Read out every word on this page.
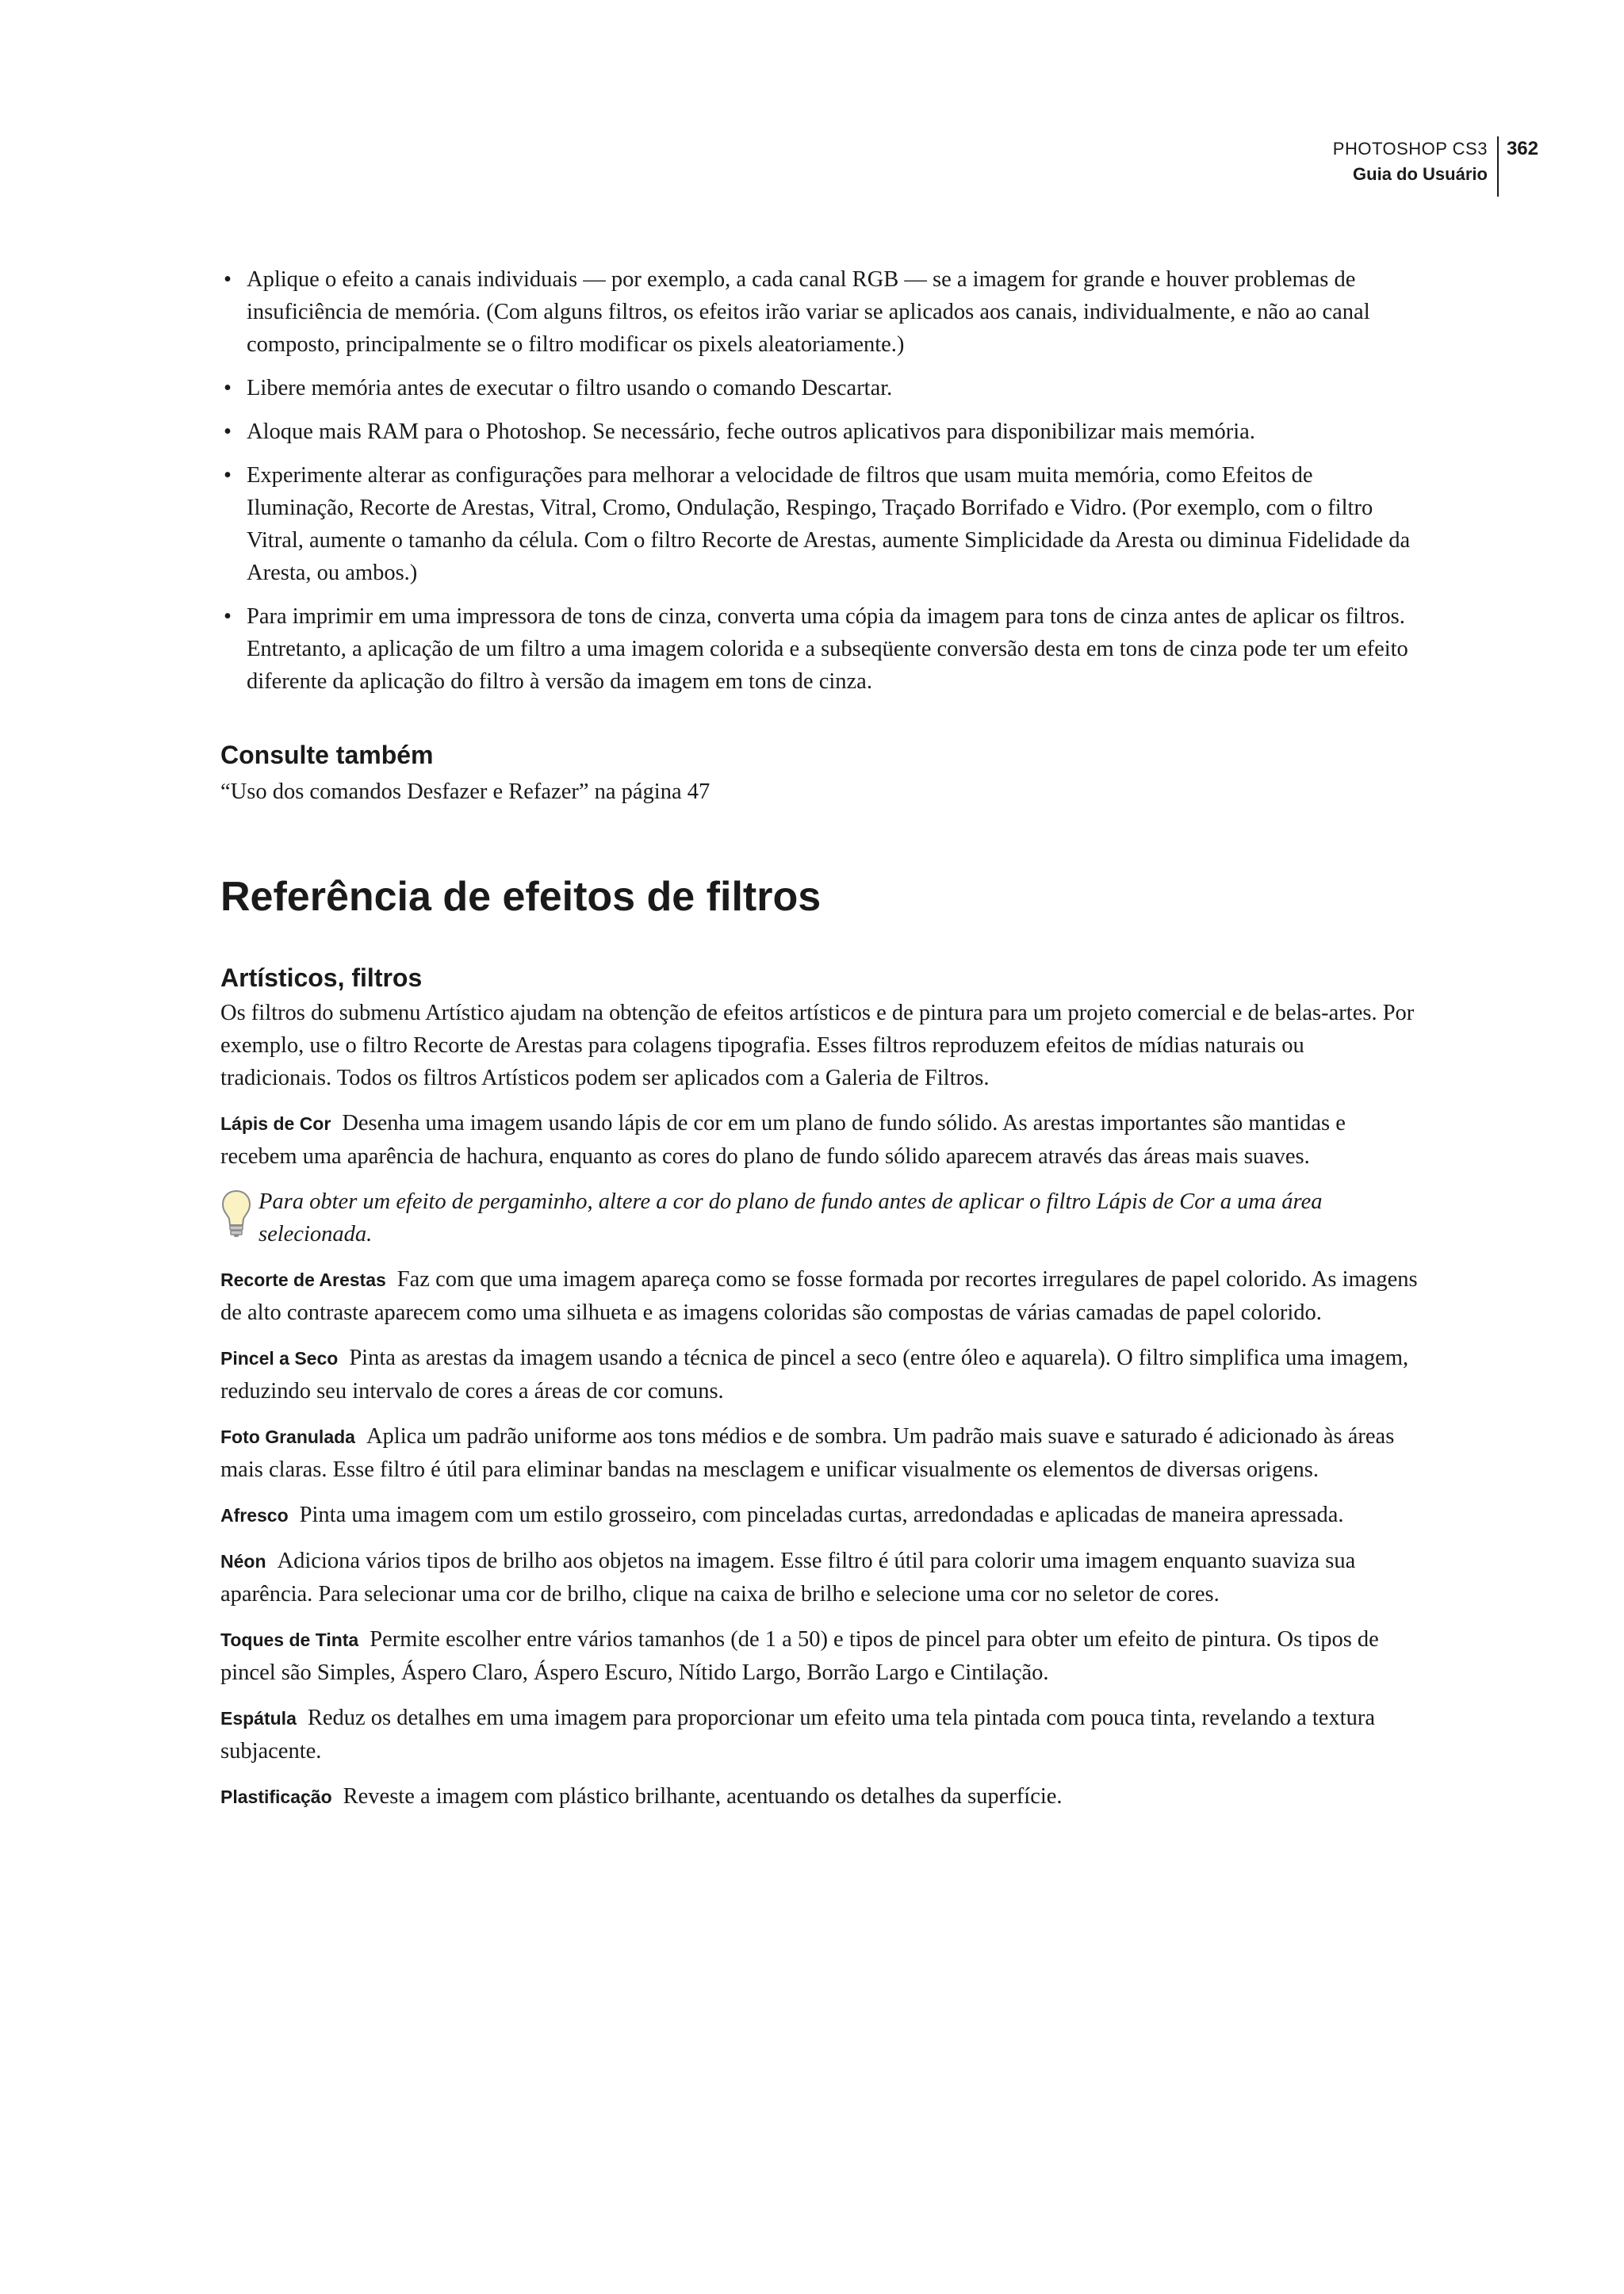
PHOTOSHOP CS3
Guia do Usuário
362
• Aplique o efeito a canais individuais — por exemplo, a cada canal RGB — se a imagem for grande e houver problemas de insuficiência de memória. (Com alguns filtros, os efeitos irão variar se aplicados aos canais, individualmente, e não ao canal composto, principalmente se o filtro modificar os pixels aleatoriamente.)
• Libere memória antes de executar o filtro usando o comando Descartar.
• Aloque mais RAM para o Photoshop. Se necessário, feche outros aplicativos para disponibilizar mais memória.
• Experimente alterar as configurações para melhorar a velocidade de filtros que usam muita memória, como Efeitos de Iluminação, Recorte de Arestas, Vitral, Cromo, Ondulação, Respingo, Traçado Borrifado e Vidro. (Por exemplo, com o filtro Vitral, aumente o tamanho da célula. Com o filtro Recorte de Arestas, aumente Simplicidade da Aresta ou diminua Fidelidade da Aresta, ou ambos.)
• Para imprimir em uma impressora de tons de cinza, converta uma cópia da imagem para tons de cinza antes de aplicar os filtros. Entretanto, a aplicação de um filtro a uma imagem colorida e a subseqüente conversão desta em tons de cinza pode ter um efeito diferente da aplicação do filtro à versão da imagem em tons de cinza.
Consulte também

“Uso dos comandos Desfazer e Refazer” na página 47

Referência de efeitos de filtros
Artísticos, filtros

Os filtros do submenu Artístico ajudam na obtenção de efeitos artísticos e de pintura para um projeto comercial e de belas-artes. Por exemplo, use o filtro Recorte de Arestas para colagens tipografia. Esses filtros reproduzem efeitos de mídias naturais ou tradicionais. Todos os filtros Artísticos podem ser aplicados com a Galeria de Filtros.

Lápis de Cor Desenha uma imagem usando lápis de cor em um plano de fundo sólido. As arestas importantes são mantidas e recebem uma aparência de hachura, enquanto as cores do plano de fundo sólido aparecem através das áreas mais suaves.

Para obter um efeito de pergaminho, altere a cor do plano de fundo antes de aplicar o filtro Lápis de Cor a uma área selecionada.

Recorte de Arestas Faz com que uma imagem apareça como se fosse formada por recortes irregulares de papel colorido. As imagens de alto contraste aparecem como uma silhueta e as imagens coloridas são compostas de várias camadas de papel colorido.

Pincel a Seco Pinta as arestas da imagem usando a técnica de pincel a seco (entre óleo e aquarela). O filtro simplifica uma imagem, reduzindo seu intervalo de cores a áreas de cor comuns.

Foto Granulada Aplica um padrão uniforme aos tons médios e de sombra. Um padrão mais suave e saturado é adicionado às áreas mais claras. Esse filtro é útil para eliminar bandas na mesclagem e unificar visualmente os elementos de diversas origens.

Afresco Pinta uma imagem com um estilo grosseiro, com pinceladas curtas, arredondadas e aplicadas de maneira apressada.

Néon Adiciona vários tipos de brilho aos objetos na imagem. Esse filtro é útil para colorir uma imagem enquanto suaviza sua aparência. Para selecionar uma cor de brilho, clique na caixa de brilho e selecione uma cor no seletor de cores.

Toques de Tinta Permite escolher entre vários tamanhos (de 1 a 50) e tipos de pincel para obter um efeito de pintura. Os tipos de pincel são Simples, Áspero Claro, Áspero Escuro, Nítido Largo, Borrão Largo e Cintilação.

Espátula Reduz os detalhes em uma imagem para proporcionar um efeito uma tela pintada com pouca tinta, revelando a textura subjacente.

Plastificação Reveste a imagem com plástico brilhante, acentuando os detalhes da superfície.
